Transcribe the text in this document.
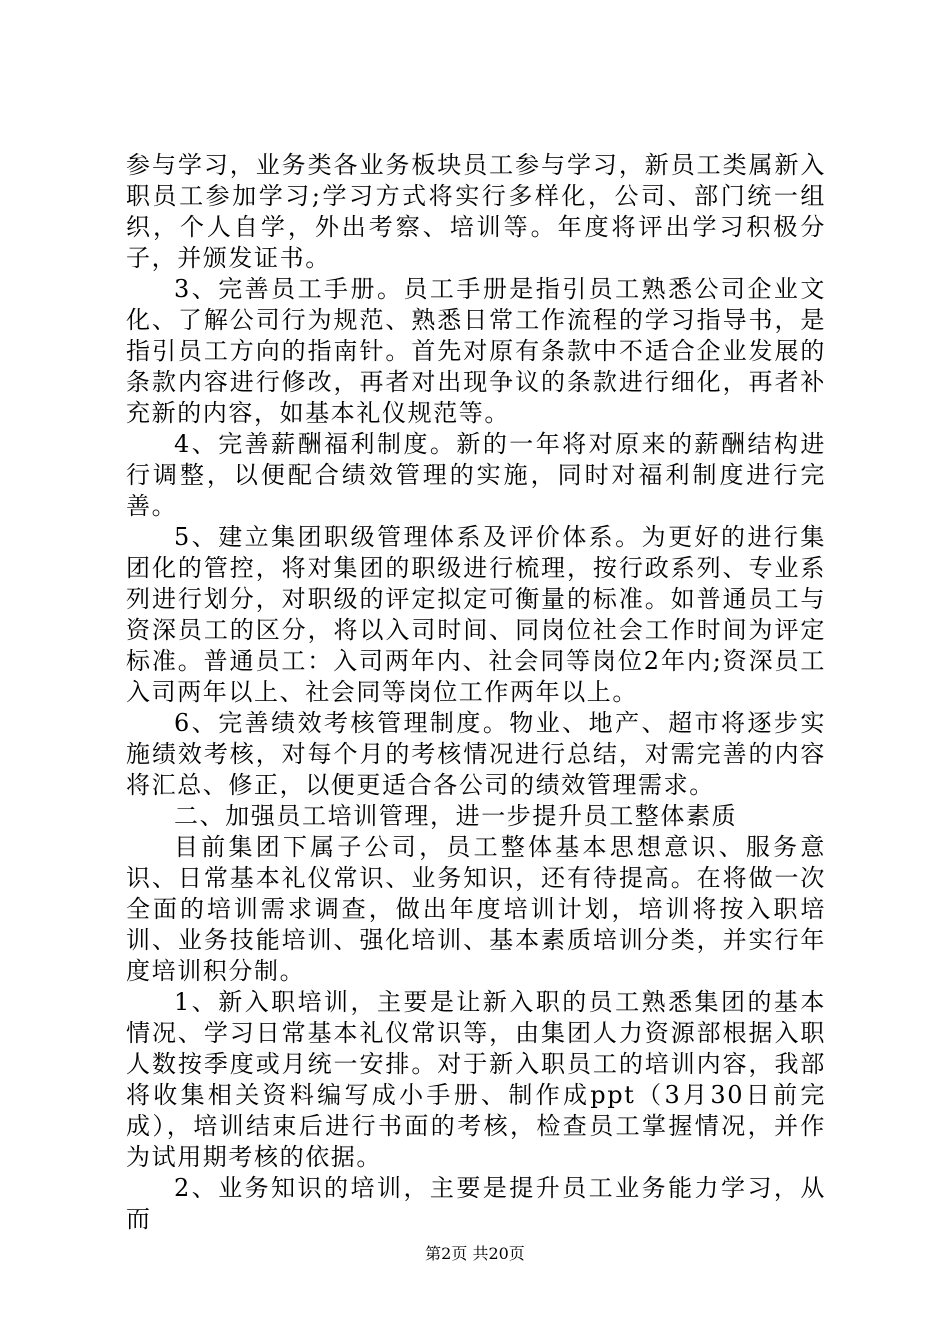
参与学习，业务类各业务板块员工参与学习，新员工类属新入职员工参加学习;学习方式将实行多样化，公司、部门统一组织，个人自学，外出考察、培训等。年度将评出学习积极分子，并颁发证书。

3、完善员工手册。员工手册是指引员工熟悉公司企业文化、了解公司行为规范、熟悉日常工作流程的学习指导书，是指引员工方向的指南针。首先对原有条款中不适合企业发展的条款内容进行修改，再者对出现争议的条款进行细化，再者补充新的内容，如基本礼仪规范等。

4、完善薪酬福利制度。新的一年将对原来的薪酬结构进行调整，以便配合绩效管理的实施，同时对福利制度进行完善。

5、建立集团职级管理体系及评价体系。为更好的进行集团化的管控，将对集团的职级进行梳理，按行政系列、专业系列进行划分，对职级的评定拟定可衡量的标准。如普通员工与资深员工的区分，将以入司时间、同岗位社会工作时间为评定标准。普通员工：入司两年内、社会同等岗位2年内;资深员工入司两年以上、社会同等岗位工作两年以上。

6、完善绩效考核管理制度。物业、地产、超市将逐步实施绩效考核，对每个月的考核情况进行总结，对需完善的内容将汇总、修正，以便更适合各公司的绩效管理需求。

二、加强员工培训管理，进一步提升员工整体素质

目前集团下属子公司，员工整体基本思想意识、服务意识、日常基本礼仪常识、业务知识，还有待提高。在将做一次全面的培训需求调查，做出年度培训计划，培训将按入职培训、业务技能培训、强化培训、基本素质培训分类，并实行年度培训积分制。

1、新入职培训，主要是让新入职的员工熟悉集团的基本情况、学习日常基本礼仪常识等，由集团人力资源部根据入职人数按季度或月统一安排。对于新入职员工的培训内容，我部将收集相关资料编写成小手册、制作成ppt（3月30日前完成），培训结束后进行书面的考核，检查员工掌握情况，并作为试用期考核的依据。

2、业务知识的培训，主要是提升员工业务能力学习，从而

第2页 共20页
